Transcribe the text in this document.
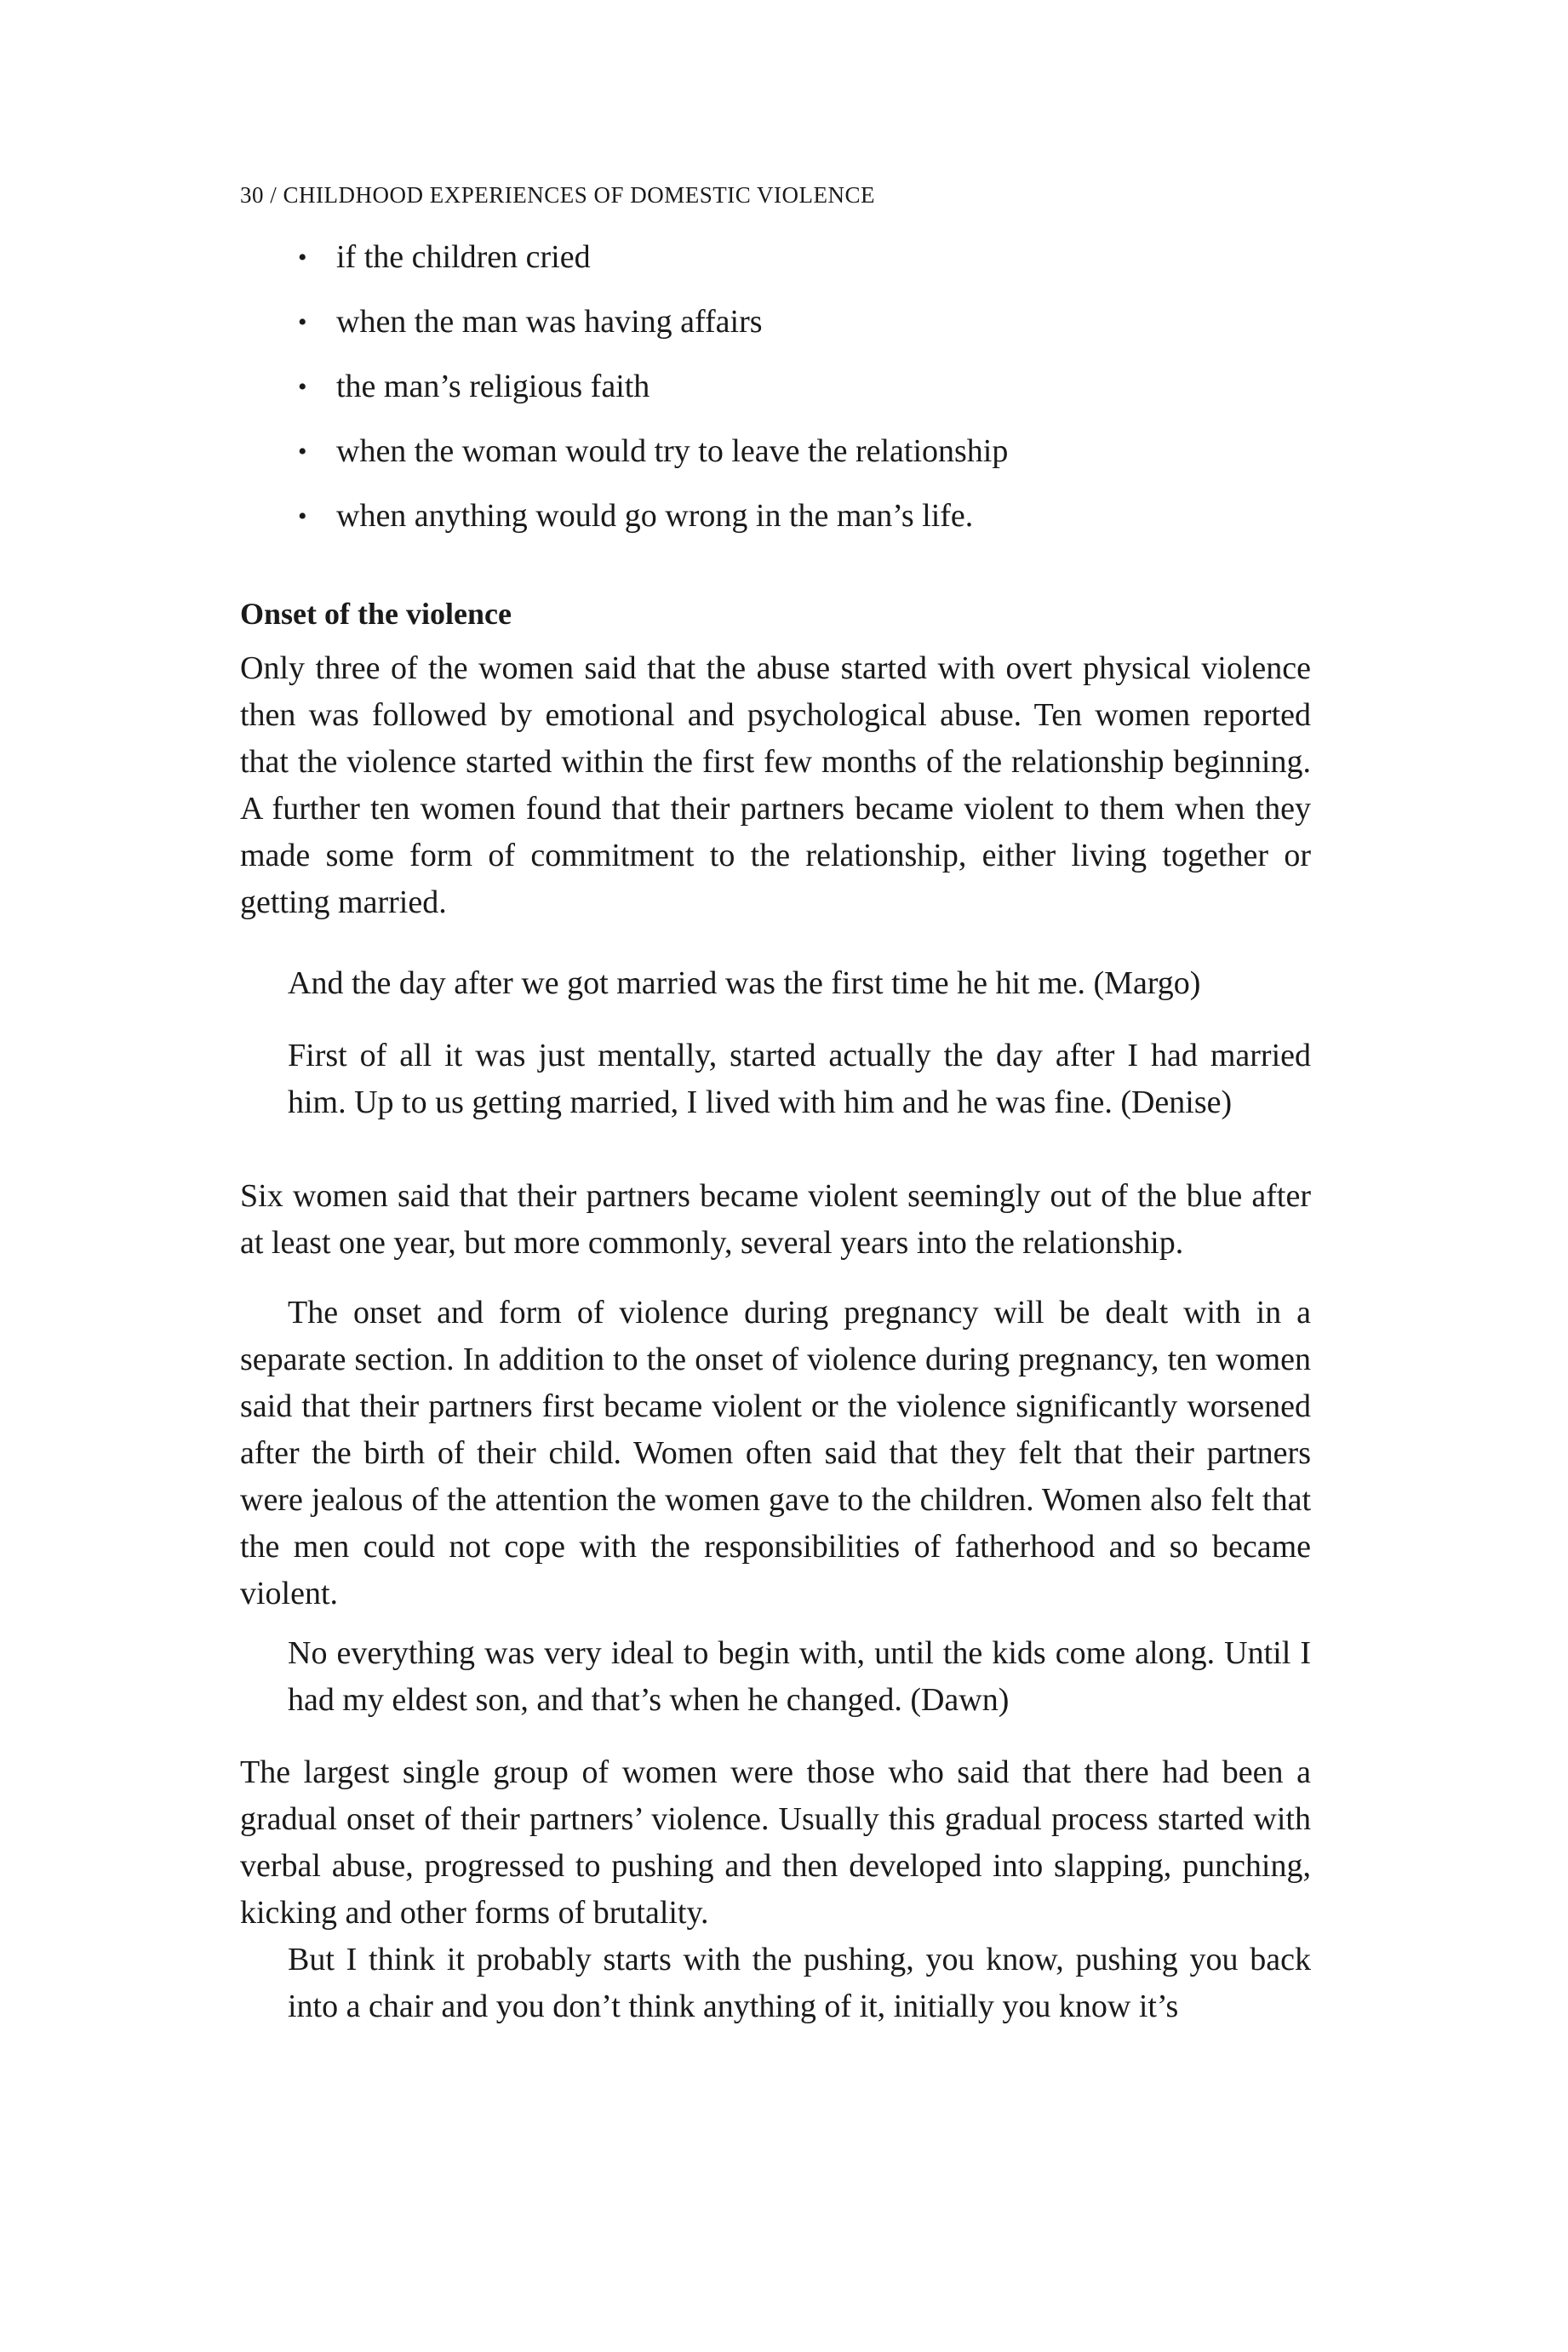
30 / CHILDHOOD EXPERIENCES OF DOMESTIC VIOLENCE
• if the children cried
• when the man was having affairs
• the man’s religious faith
• when the woman would try to leave the relationship
• when anything would go wrong in the man’s life.
Onset of the violence

Only three of the women said that the abuse started with overt physical violence then was followed by emotional and psychological abuse. Ten women reported that the violence started within the first few months of the relationship beginning. A further ten women found that their partners became violent to them when they made some form of commitment to the relationship, either living together or getting married.

And the day after we got married was the first time he hit me. (Margo)

First of all it was just mentally, started actually the day after I had married him. Up to us getting married, I lived with him and he was fine. (Denise)

Six women said that their partners became violent seemingly out of the blue after at least one year, but more commonly, several years into the relationship.

The onset and form of violence during pregnancy will be dealt with in a separate section. In addition to the onset of violence during pregnancy, ten women said that their partners first became violent or the violence significantly worsened after the birth of their child. Women often said that they felt that their partners were jealous of the attention the women gave to the children. Women also felt that the men could not cope with the responsibilities of fatherhood and so became violent.

No everything was very ideal to begin with, until the kids come along. Until I had my eldest son, and that’s when he changed. (Dawn)

The largest single group of women were those who said that there had been a gradual onset of their partners’ violence. Usually this gradual process started with verbal abuse, progressed to pushing and then developed into slapping, punching, kicking and other forms of brutality.

But I think it probably starts with the pushing, you know, pushing you back into a chair and you don’t think anything of it, initially you know it’s
